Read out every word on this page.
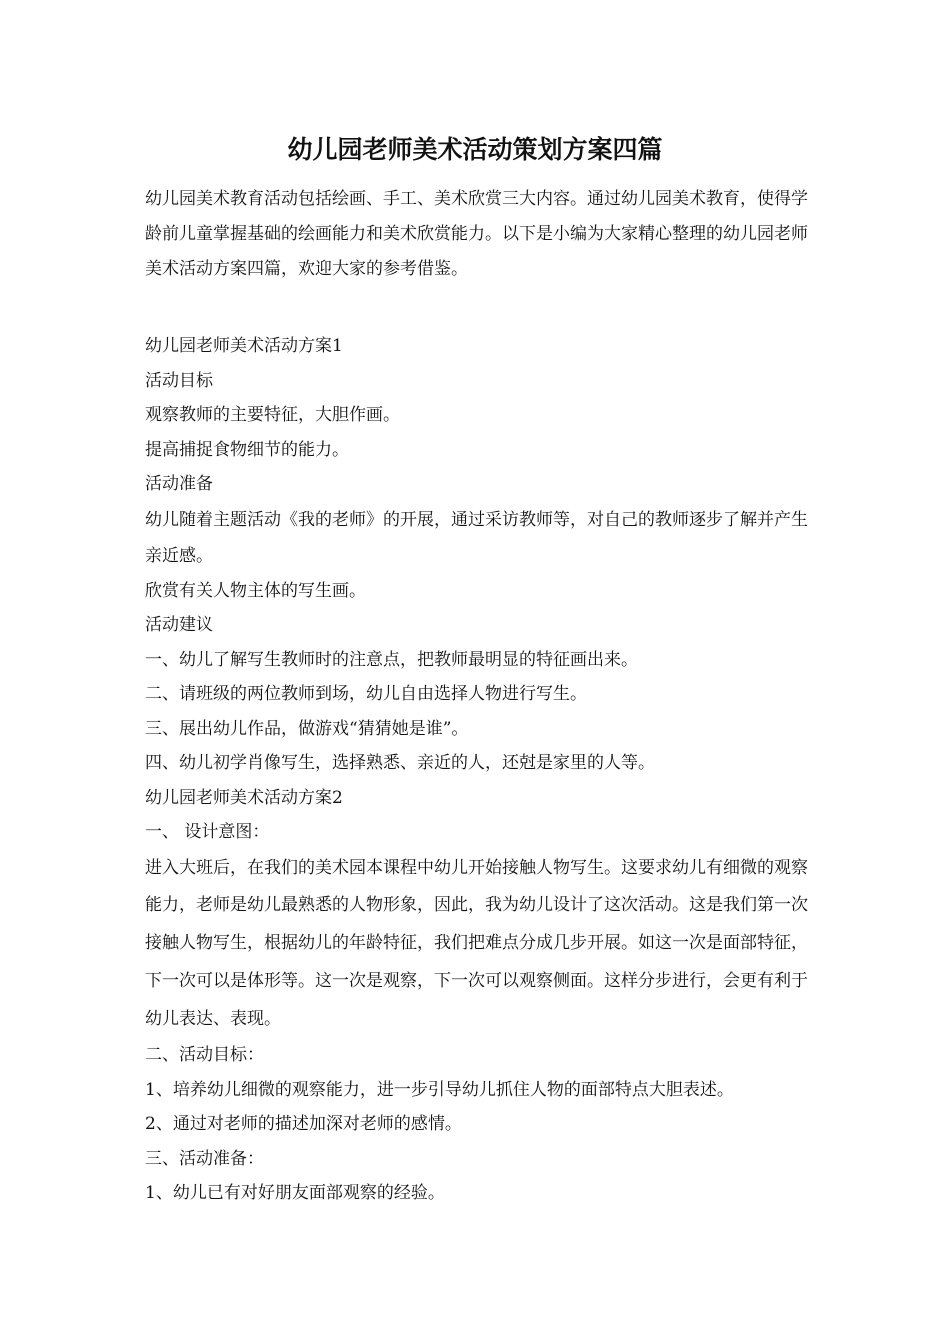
幼儿园老师美术活动策划方案四篇

幼儿园美术教育活动包括绘画、手工、美术欣赏三大内容。通过幼儿园美术教育，使得学龄前儿童掌握基础的绘画能力和美术欣赏能力。以下是小编为大家精心整理的幼儿园老师美术活动方案四篇，欢迎大家的参考借鉴。

幼儿园老师美术活动方案1

活动目标

观察教师的主要特征，大胆作画。

提高捕捉食物细节的能力。

活动准备

幼儿随着主题活动《我的老师》的开展，通过采访教师等，对自己的教师逐步了解并产生亲近感。

欣赏有关人物主体的写生画。

活动建议

一、幼儿了解写生教师时的注意点，把教师最明显的特征画出来。

二、请班级的两位教师到场，幼儿自由选择人物进行写生。

三、展出幼儿作品，做游戏“猜猜她是谁”。

四、幼儿初学肖像写生，选择熟悉、亲近的人，还尅是家里的人等。

幼儿园老师美术活动方案2

一、 设计意图：

进入大班后，在我们的美术园本课程中幼儿开始接触人物写生。这要求幼儿有细微的观察能力，老师是幼儿最熟悉的人物形象，因此，我为幼儿设计了这次活动。这是我们第一次接触人物写生，根据幼儿的年龄特征，我们把难点分成几步开展。如这一次是面部特征，下一次可以是体形等。这一次是观察，下一次可以观察侧面。这样分步进行，会更有利于幼儿表达、表现。

二、活动目标：

1、培养幼儿细微的观察能力，进一步引导幼儿抓住人物的面部特点大胆表述。

2、通过对老师的描述加深对老师的感情。

三、活动准备：

1、幼儿已有对好朋友面部观察的经验。
